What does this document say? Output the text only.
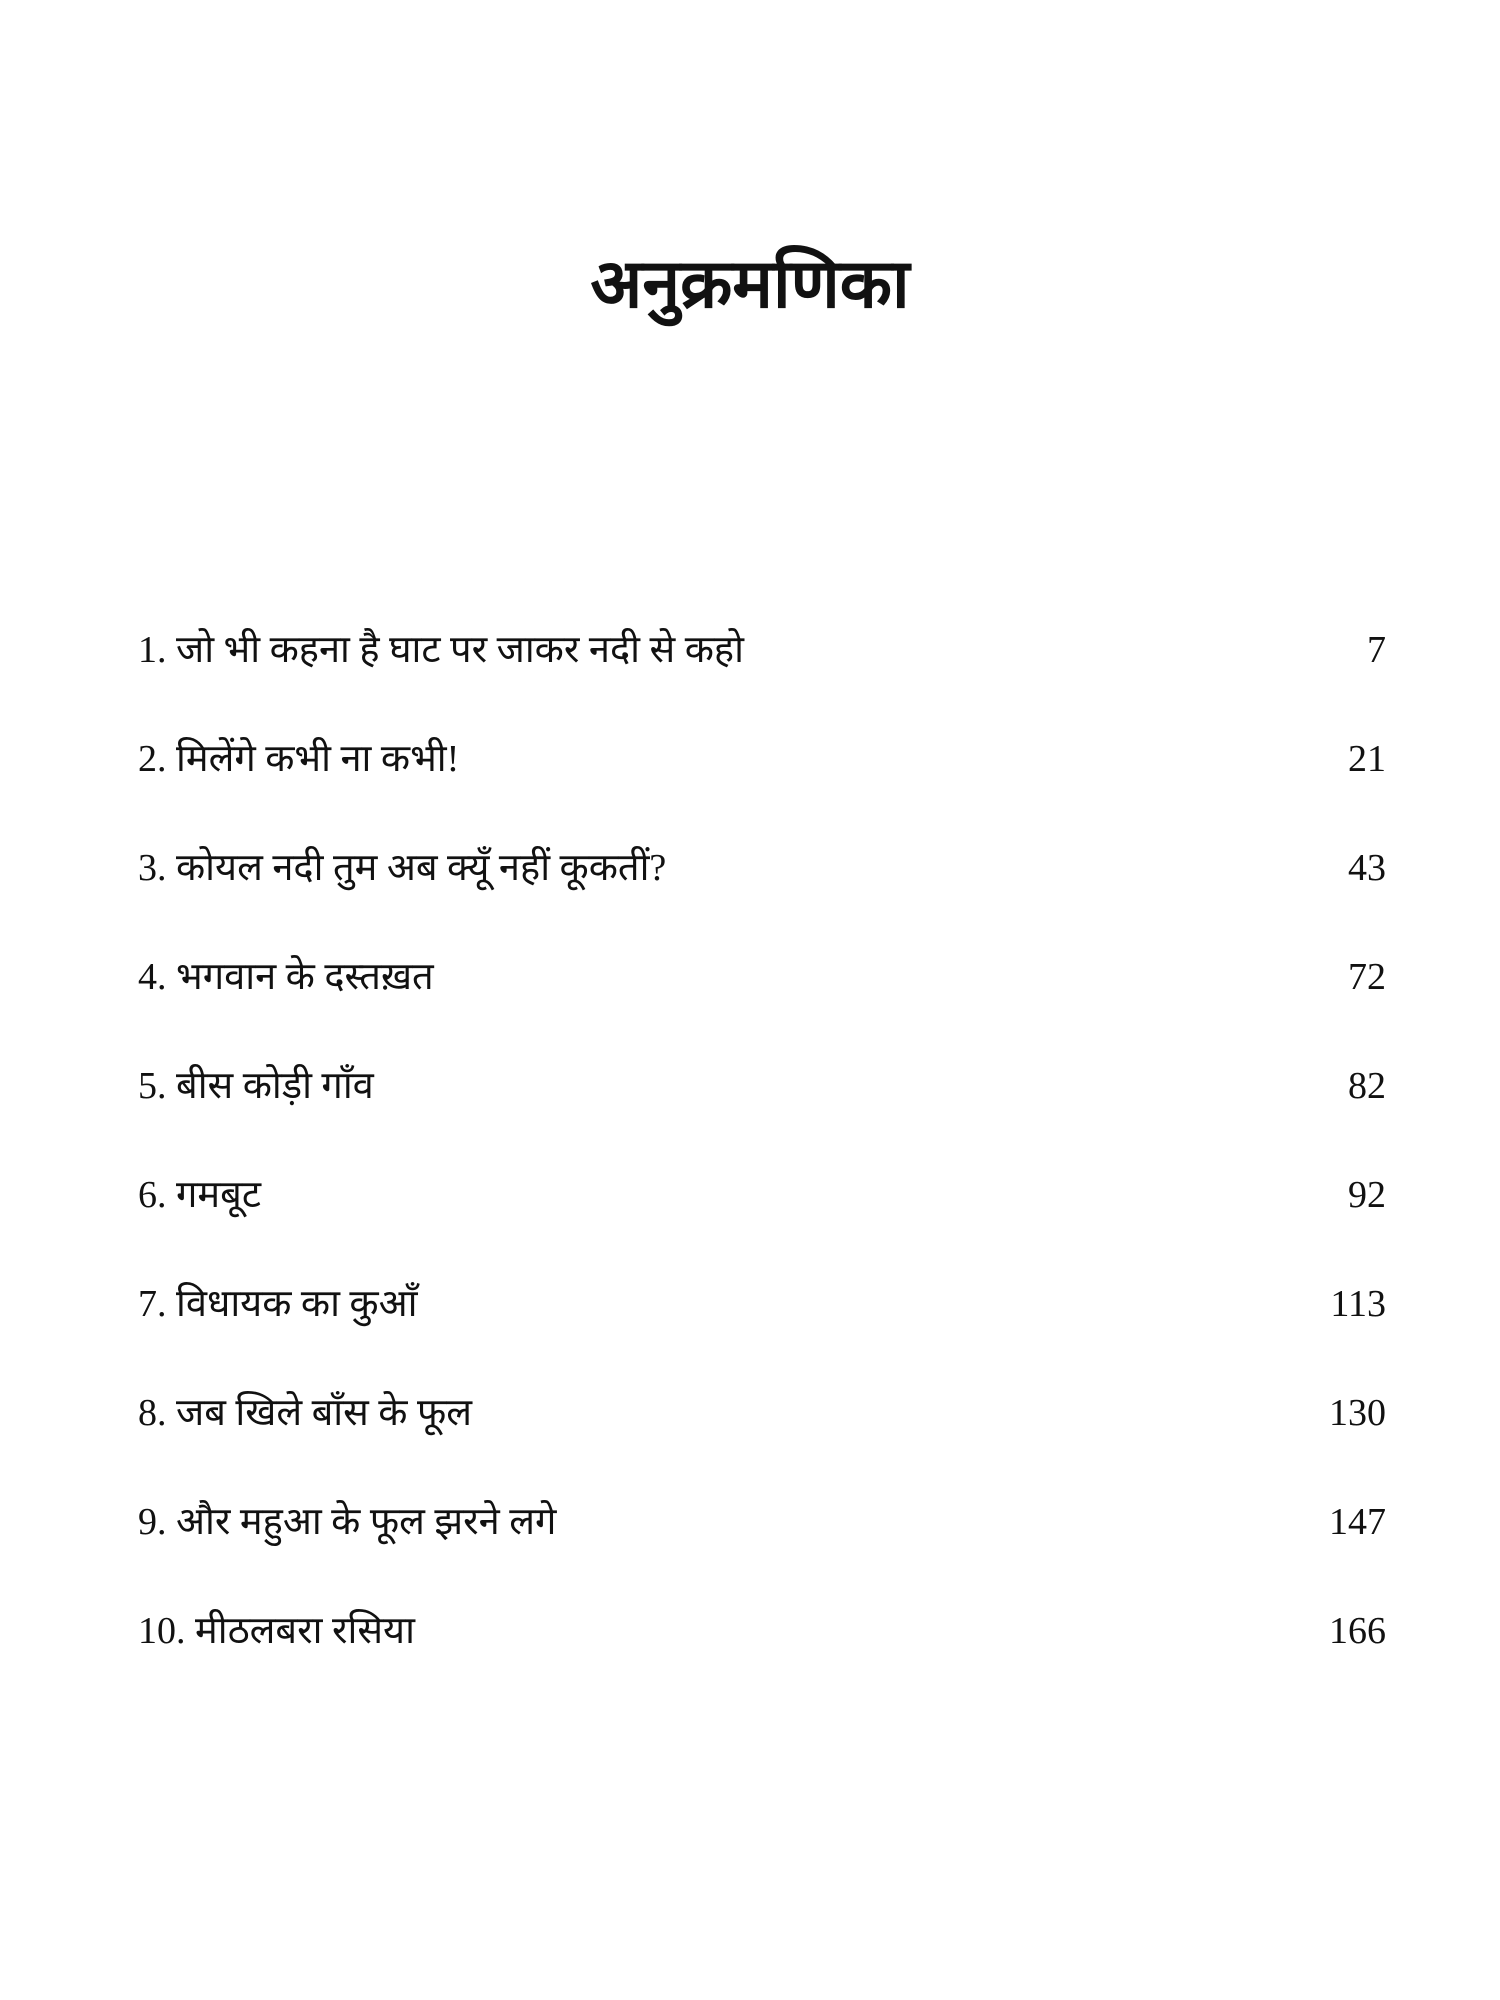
अनुक्रमणिका
1. जो भी कहना है घाट पर जाकर नदी से कहो	7
2. मिलेंगे कभी ना कभी!	21
3. कोयल नदी तुम अब क्यूँ नहीं कूकतीं?	43
4. भगवान के दस्तख़त	72
5. बीस कोड़ी गाँव	82
6. गमबूट	92
7. विधायक का कुआँ	113
8. जब खिले बाँस के फूल	130
9. और महुआ के फूल झरने लगे	147
10. मीठलबरा रसिया	166
